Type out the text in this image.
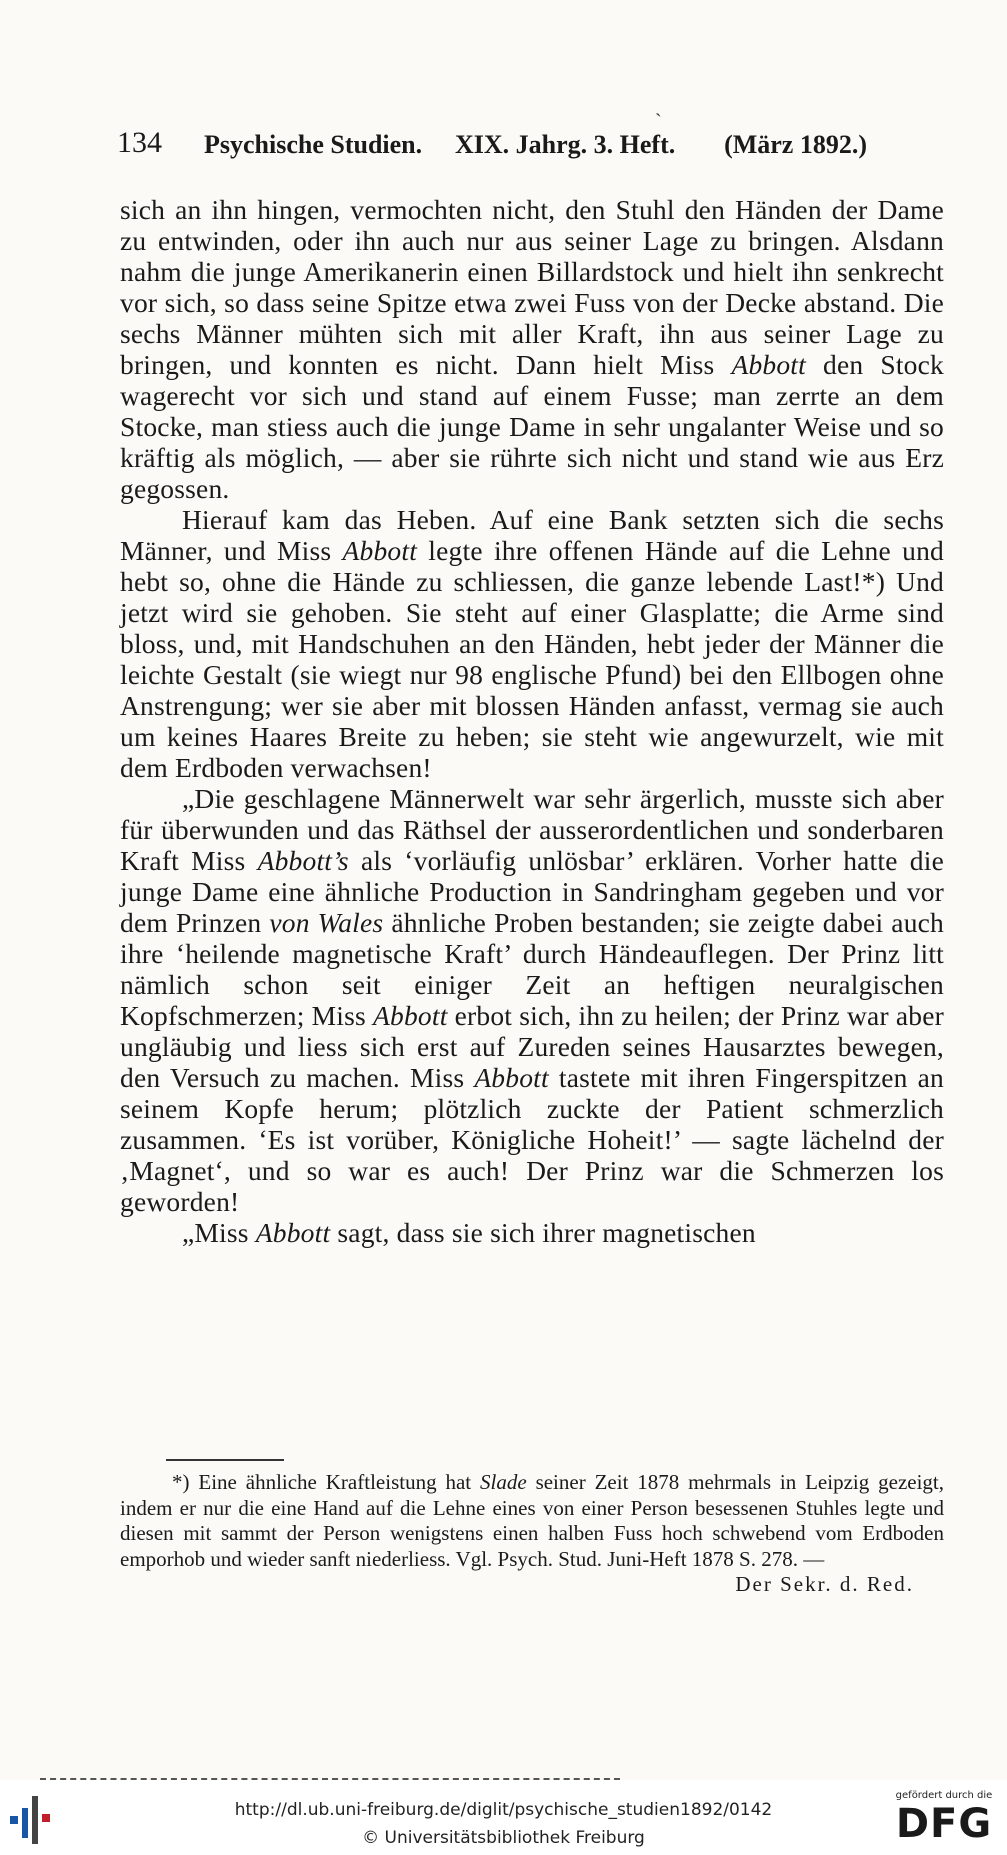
ˎ
134 Psychische Studien. XIX. Jahrg. 3. Heft. (März 1892.)

sich an ihn hingen, vermochten nicht, den Stuhl den Händen der Dame zu entwinden, oder ihn auch nur aus seiner Lage zu bringen. Alsdann nahm die junge Amerikanerin einen Billardstock und hielt ihn senkrecht vor sich, so dass seine Spitze etwa zwei Fuss von der Decke abstand. Die sechs Männer mühten sich mit aller Kraft, ihn aus seiner Lage zu bringen, und konnten es nicht. Dann hielt Miss Abbott den Stock wagerecht vor sich und stand auf einem Fusse; man zerrte an dem Stocke, man stiess auch die junge Dame in sehr ungalanter Weise und so kräftig als möglich, — aber sie rührte sich nicht und stand wie aus Erz gegossen.

Hierauf kam das Heben. Auf eine Bank setzten sich die sechs Männer, und Miss Abbott legte ihre offenen Hände auf die Lehne und hebt so, ohne die Hände zu schliessen, die ganze lebende Last!*) Und jetzt wird sie gehoben. Sie steht auf einer Glasplatte; die Arme sind bloss, und, mit Handschuhen an den Händen, hebt jeder der Männer die leichte Gestalt (sie wiegt nur 98 englische Pfund) bei den Ellbogen ohne Anstrengung; wer sie aber mit blossen Händen anfasst, vermag sie auch um keines Haares Breite zu heben; sie steht wie angewurzelt, wie mit dem Erdboden verwachsen!

„Die geschlagene Männerwelt war sehr ärgerlich, musste sich aber für überwunden und das Räthsel der ausserordentlichen und sonderbaren Kraft Miss Abbott’s als ‘vorläufig unlösbar’ erklären. Vorher hatte die junge Dame eine ähnliche Production in Sandringham gegeben und vor dem Prinzen von Wales ähnliche Proben bestanden; sie zeigte dabei auch ihre ‘heilende magnetische Kraft’ durch Händeauflegen. Der Prinz litt nämlich schon seit einiger Zeit an heftigen neuralgischen Kopfschmerzen; Miss Abbott erbot sich, ihn zu heilen; der Prinz war aber ungläubig und liess sich erst auf Zureden seines Hausarztes bewegen, den Versuch zu machen. Miss Abbott tastete mit ihren Fingerspitzen an seinem Kopfe herum; plötzlich zuckte der Patient schmerzlich zusammen. ‘Es ist vorüber, Königliche Hoheit!’ — sagte lächelnd der ‚Magnet‘, und so war es auch! Der Prinz war die Schmerzen los geworden!

„Miss Abbott sagt, dass sie sich ihrer magnetischen

*) Eine ähnliche Kraftleistung hat Slade seiner Zeit 1878 mehrmals in Leipzig gezeigt, indem er nur die eine Hand auf die Lehne eines von einer Person besessenen Stuhles legte und diesen mit sammt der Person wenigstens einen halben Fuss hoch schwebend vom Erdboden emporhob und wieder sanft niederliess. Vgl. Psych. Stud. Juni-Heft 1878 S. 278. —
Der Sekr. d. Red.

http://dl.ub.uni-freiburg.de/diglit/psychische_studien1892/0142
© Universitätsbibliothek Freiburg
gefördert durch die
DFG
